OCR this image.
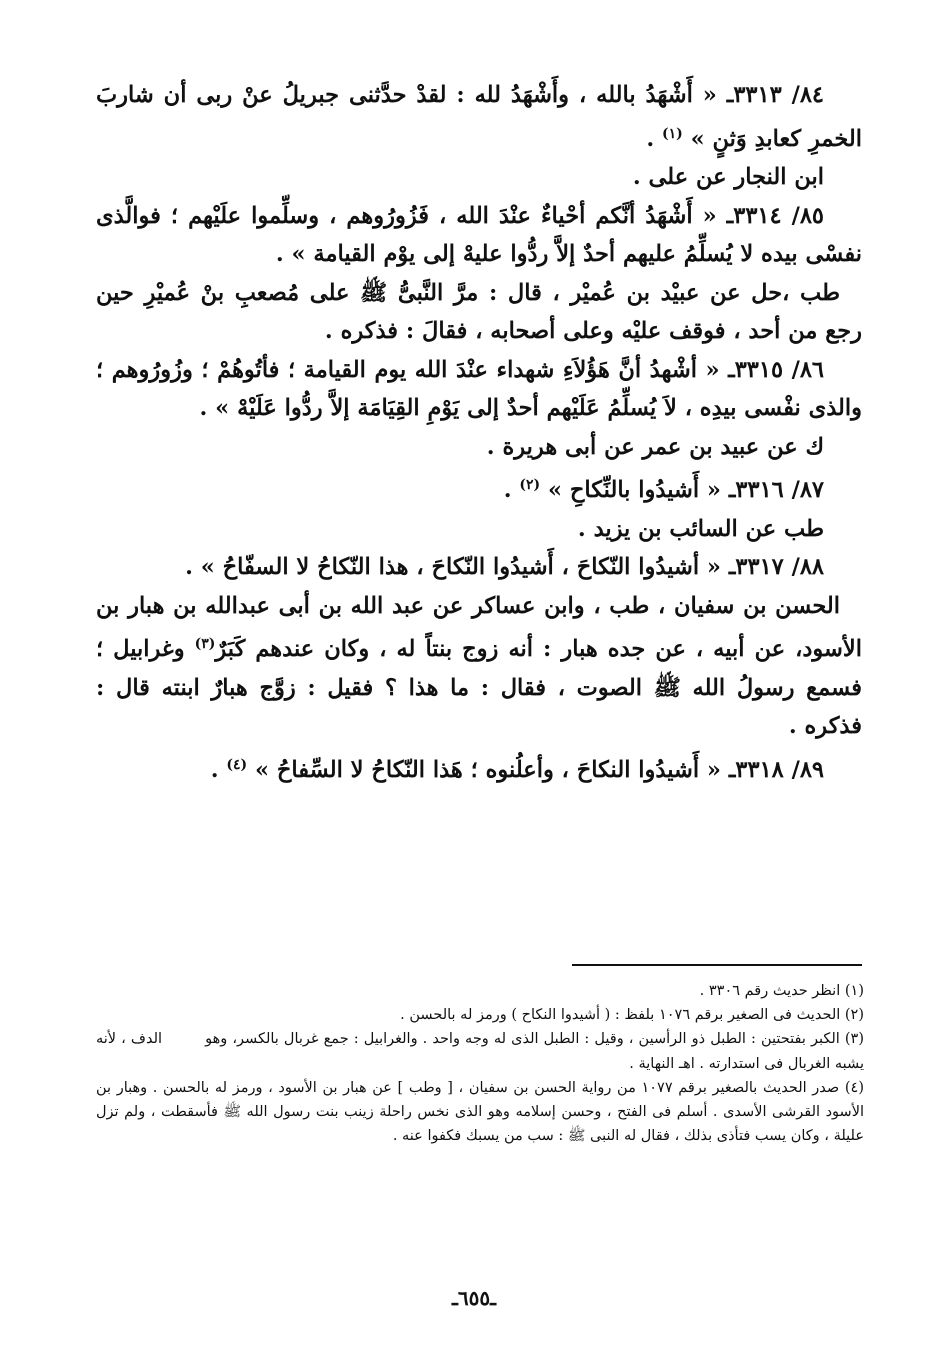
٨٤/ ٣٣١٣ـ « أَشْهَدُ بالله ، وأَشْهَدُ لله : لقدْ حدَّثنى جبريلُ عنْ ربى أن شاربَ الخمرِ كعابدِ وَثنٍ » $^{(١)}$ .

ابن النجار عن على .

٨٥/ ٣٣١٤ـ « أَشْهَدُ أنَّكم أحْياءٌ عنْدَ الله ، فَزُورُوهم ، وسلِّموا علَيْهم ؛ فوالَّذى نفسْى بيده لا يُسلِّمُ عليهم أحدٌ إلاَّ ردُّوا عليهْ إلى يوْم القيامة » .

طب ،حل عن عبيْد بن عُميْر ، قال : مرَّ النَّبىُّ ﷺ على مُصعبِ بنْ عُميْرِ حين رجع من أحد ، فوقف عليْه وعلى أصحابه ، فقالَ : فذكره .

٨٦/ ٣٣١٥ـ « أشْهدُ أنَّ هَؤُلاَءِ شهداء عنْدَ الله يوم القيامة ؛ فأتُوهُمْ ؛ وزُورُوهم ؛ والذى نفْسى بيدِه ، لاَ يُسلِّمُ عَلَيْهم أحدٌ إلى يَوْمِ القِيَامَة إلاَّ ردُّوا عَلَيْهْ » .

ك عن عبيد بن عمر عن أبى هريرة .

٨٧/ ٣٣١٦ـ « أَشيدُوا بالنِّكاحِ » $^{(٢)}$ .

طب عن السائب بن يزيد .

٨٨/ ٣٣١٧ـ « أشيدُوا النّكاحَ ، أَشيدُوا النّكاحَ ، هذا النّكاحُ لا السفّاحُ » .

الحسن بن سفيان ، طب ، وابن عساكر عن عبد الله بن أبى عبدالله بن هبار بن الأسود، عن أبيه ، عن جده هبار : أنه زوج بنتاً له ، وكان عندهم كَبَرٌ$^{(٣)}$ وغرابيل ؛ فسمع رسولُ الله ﷺ الصوت ، فقال : ما هذا ؟ فقيل : زوَّج هبارٌ ابنته قال : فذكره .

٨٩/ ٣٣١٨ـ « أَشيدُوا النكاحَ ، وأعلُنوه ؛ هَذا النّكاحُ لا السِّفاحُ » $^{(٤)}$ .

(١) انظر حديث رقم ٣٣٠٦ .

(٢) الحديث فى الصغير برقم ١٠٧٦ بلفظ : ( أشيدوا النكاح ) ورمز له بالحسن .

(٣) الكبر بفتحتين : الطبل ذو الرأسين ، وقيل : الطبل الذى له وجه واحد . والغرابيل : جمع غربال بالكسر، وهو الدف ، لأنه يشبه الغربال فى استدارته . اهـ النهاية .

(٤) صدر الحديث بالصغير برقم ١٠٧٧ من رواية الحسن بن سفيان ، [ وطب ] عن هبار بن الأسود ، ورمز له بالحسن . وهبار بن الأسود القرشى الأسدى . أسلم فى الفتح ، وحسن إسلامه وهو الذى نخس راحلة زينب بنت رسول الله ﷺ فأسقطت ، ولم تزل عليلة ، وكان يسب فتأذى بذلك ، فقال له النبى ﷺ : سب من يسبك فكفوا عنه .

ـ٦٥٥ـ
